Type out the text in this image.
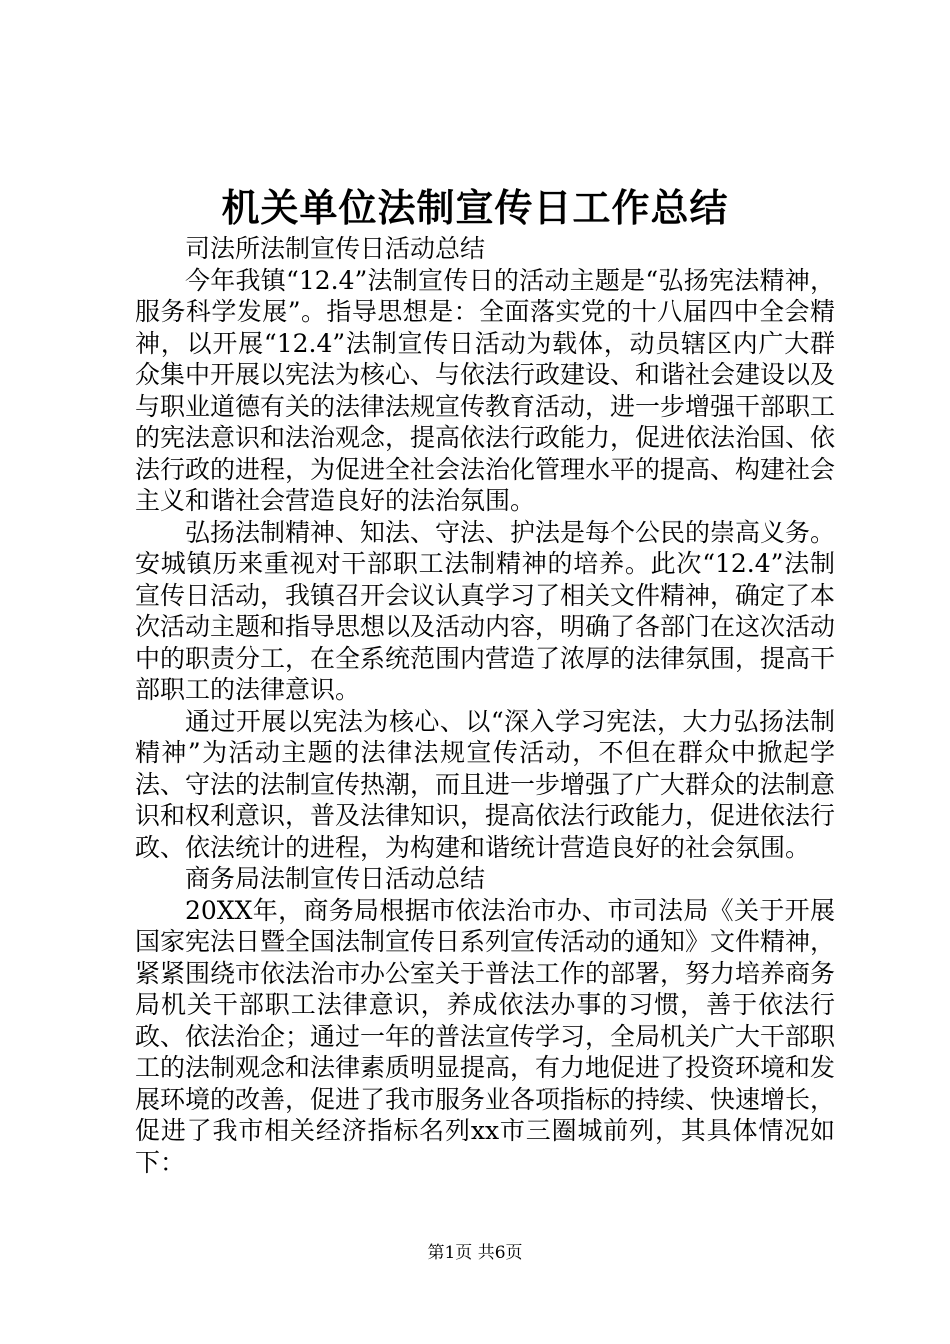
机关单位法制宣传日工作总结

司法所法制宣传日活动总结

今年我镇“12.4”法制宣传日的活动主题是“弘扬宪法精神，服务科学发展”。指导思想是：全面落实党的十八届四中全会精神，以开展“12.4”法制宣传日活动为载体，动员辖区内广大群众集中开展以宪法为核心、与依法行政建设、和谐社会建设以及与职业道德有关的法律法规宣传教育活动，进一步增强干部职工的宪法意识和法治观念，提高依法行政能力，促进依法治国、依法行政的进程，为促进全社会法治化管理水平的提高、构建社会主义和谐社会营造良好的法治氛围。

弘扬法制精神、知法、守法、护法是每个公民的崇高义务。安城镇历来重视对干部职工法制精神的培养。此次“12.4”法制宣传日活动，我镇召开会议认真学习了相关文件精神，确定了本次活动主题和指导思想以及活动内容，明确了各部门在这次活动中的职责分工，在全系统范围内营造了浓厚的法律氛围，提高干部职工的法律意识。

通过开展以宪法为核心、以“深入学习宪法，大力弘扬法制精神”为活动主题的法律法规宣传活动，不但在群众中掀起学法、守法的法制宣传热潮，而且进一步增强了广大群众的法制意识和权利意识，普及法律知识，提高依法行政能力，促进依法行政、依法统计的进程，为构建和谐统计营造良好的社会氛围。

商务局法制宣传日活动总结

20XX年，商务局根据市依法治市办、市司法局《关于开展国家宪法日暨全国法制宣传日系列宣传活动的通知》文件精神，紧紧围绕市依法治市办公室关于普法工作的部署，努力培养商务局机关干部职工法律意识，养成依法办事的习惯，善于依法行政、依法治企；通过一年的普法宣传学习，全局机关广大干部职工的法制观念和法律素质明显提高，有力地促进了投资环境和发展环境的改善，促进了我市服务业各项指标的持续、快速增长，促进了我市相关经济指标名列xx市三圈城前列，其具体情况如下：

第1页 共6页
